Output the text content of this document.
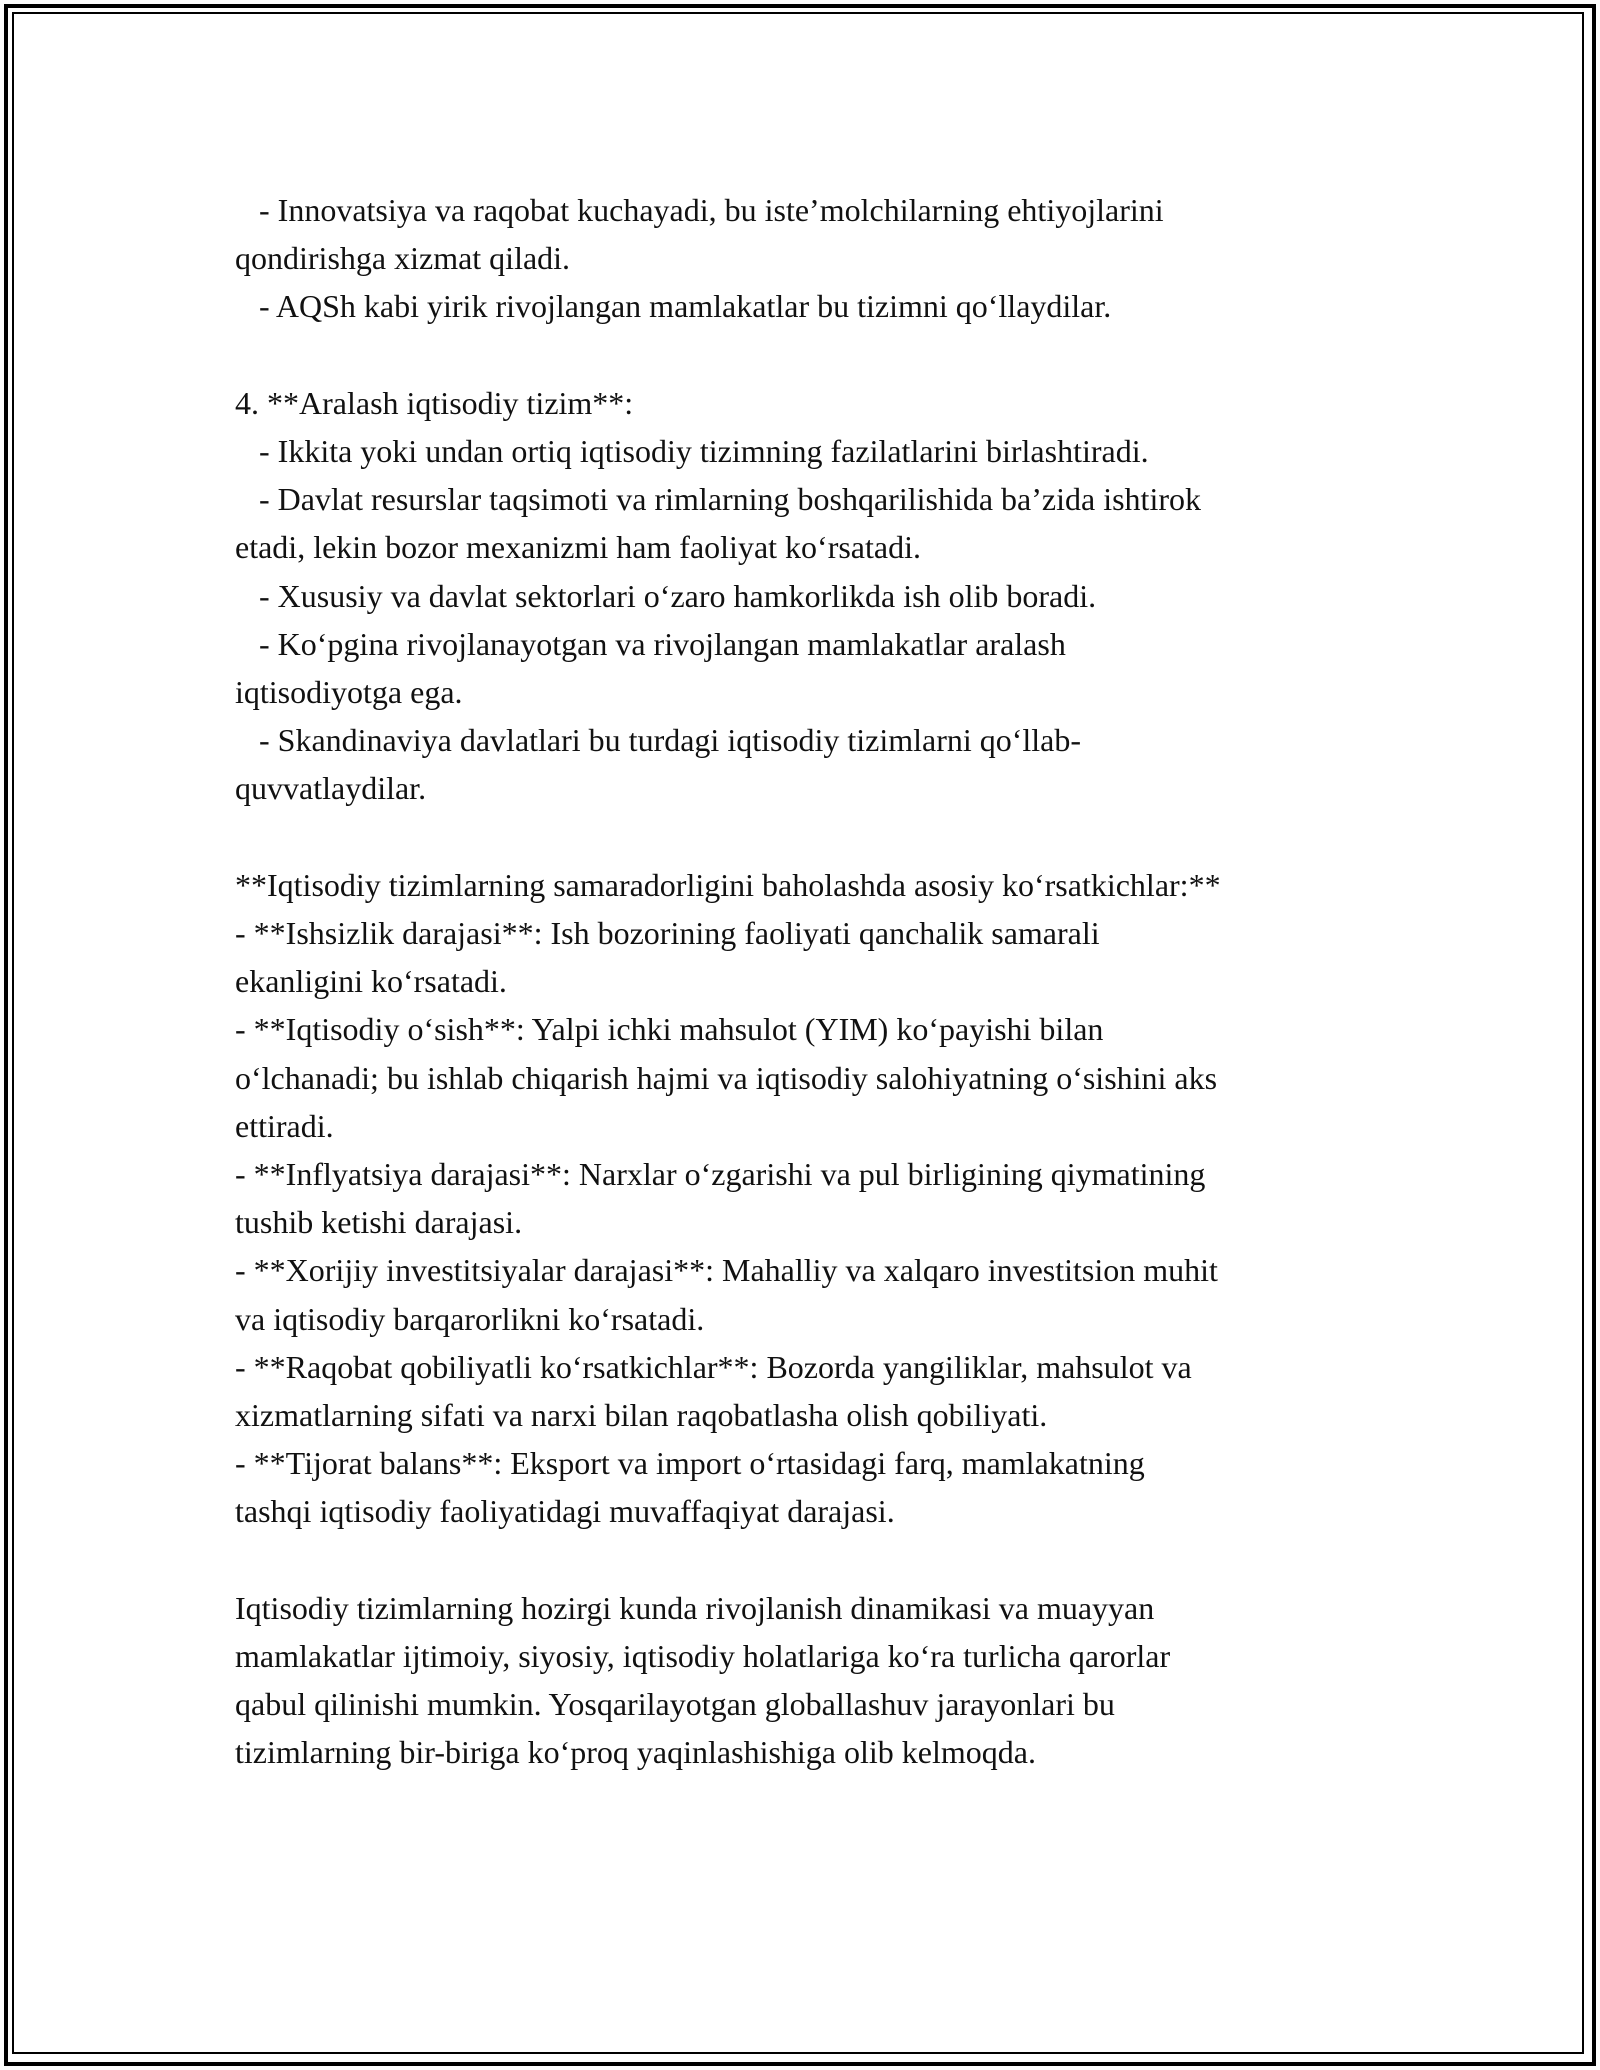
- Innovatsiya va raqobat kuchayadi, bu iste’molchilarning ehtiyojlarini
qondirishga xizmat qiladi.
- AQSh kabi yirik rivojlangan mamlakatlar bu tizimni qo‘llaydilar.
4. **Aralash iqtisodiy tizim**:
- Ikkita yoki undan ortiq iqtisodiy tizimning fazilatlarini birlashtiradi.
- Davlat resurslar taqsimoti va rimlarning boshqarilishida ba’zida ishtirok
etadi, lekin bozor mexanizmi ham faoliyat ko‘rsatadi.
- Xususiy va davlat sektorlari o‘zaro hamkorlikda ish olib boradi.
- Ko‘pgina rivojlanayotgan va rivojlangan mamlakatlar aralash
iqtisodiyotga ega.
- Skandinaviya davlatlari bu turdagi iqtisodiy tizimlarni qo‘llab-
quvvatlaydilar.
**Iqtisodiy tizimlarning samaradorligini baholashda asosiy ko‘rsatkichlar:**
- **Ishsizlik darajasi**: Ish bozorining faoliyati qanchalik samarali
ekanligini ko‘rsatadi.
- **Iqtisodiy o‘sish**: Yalpi ichki mahsulot (YIM) ko‘payishi bilan
o‘lchanadi; bu ishlab chiqarish hajmi va iqtisodiy salohiyatning o‘sishini aks
ettiradi.
- **Inflyatsiya darajasi**: Narxlar o‘zgarishi va pul birligining qiymatining
tushib ketishi darajasi.
- **Xorijiy investitsiyalar darajasi**: Mahalliy va xalqaro investitsion muhit
va iqtisodiy barqarorlikni ko‘rsatadi.
- **Raqobat qobiliyatli ko‘rsatkichlar**: Bozorda yangiliklar, mahsulot va
xizmatlarning sifati va narxi bilan raqobatlasha olish qobiliyati.
- **Tijorat balans**: Eksport va import o‘rtasidagi farq, mamlakatning
tashqi iqtisodiy faoliyatidagi muvaffaqiyat darajasi.
Iqtisodiy tizimlarning hozirgi kunda rivojlanish dinamikasi va muayyan
mamlakatlar ijtimoiy, siyosiy, iqtisodiy holatlariga ko‘ra turlicha qarorlar
qabul qilinishi mumkin. Yosqarilayotgan globallashuv jarayonlari bu
tizimlarning bir-biriga ko‘proq yaqinlashishiga olib kelmoqda.
